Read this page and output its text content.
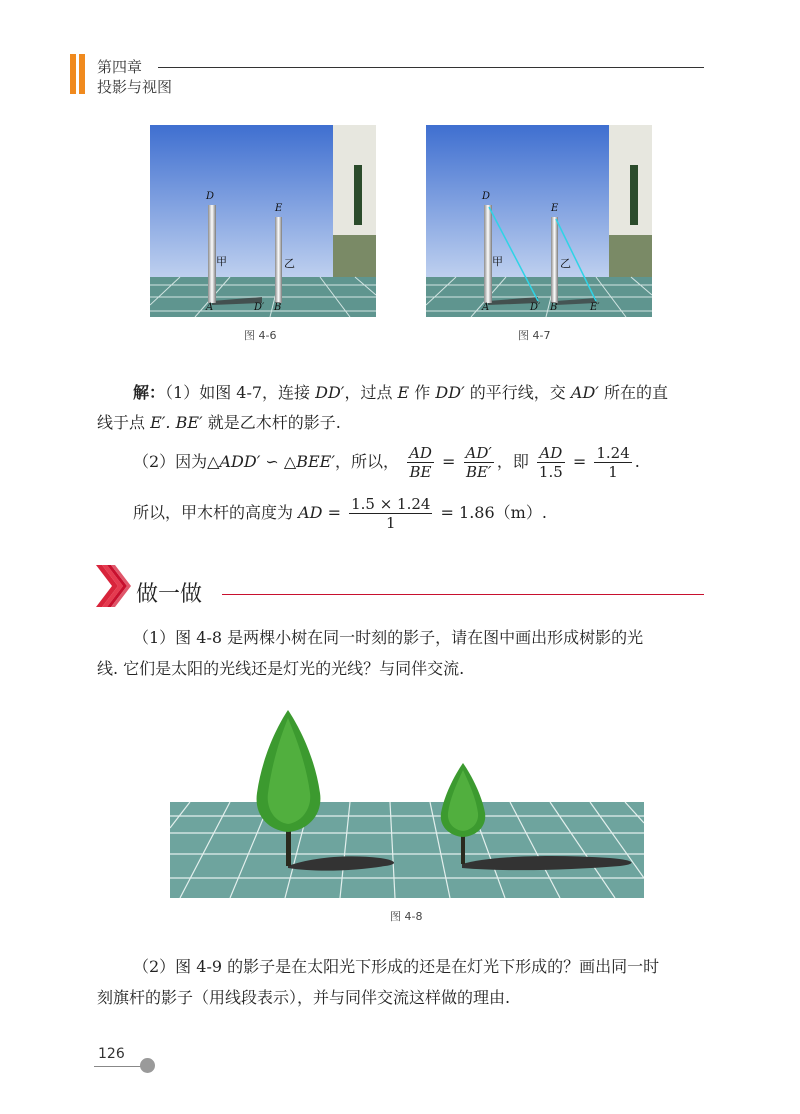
第四章
投影与视图
D
E
甲	乙
A	D′ B
图 4-6
D
E
甲	乙
A	D′ B	E′
图 4-7
解：（1）如图 4-7，连接 DD′，过点 E 作 DD′ 的平行线，交 AD′ 所在的直
线于点 E′. BE′ 就是乙木杆的影子.
（2）因为△ADD′ ∽ △BEE′，所以， $\frac{AD}{BE} = \frac{AD'}{BE'}$ ，即 $\frac{AD}{1.5} = \frac{1.24}{1}$ .
所以，甲木杆的高度为 AD = $\frac{1.5 \times 1.24}{1} = 1.86(m)$.
做一做
（1）图 4-8 是两棵小树在同一时刻的影子，请在图中画出形成树影的光
线. 它们是太阳的光线还是灯光的光线？与同伴交流.
图 4-8
（2）图 4-9 的影子是在太阳光下形成的还是在灯光下形成的？画出同一时
刻旗杆的影子（用线段表示），并与同伴交流这样做的理由.
126
